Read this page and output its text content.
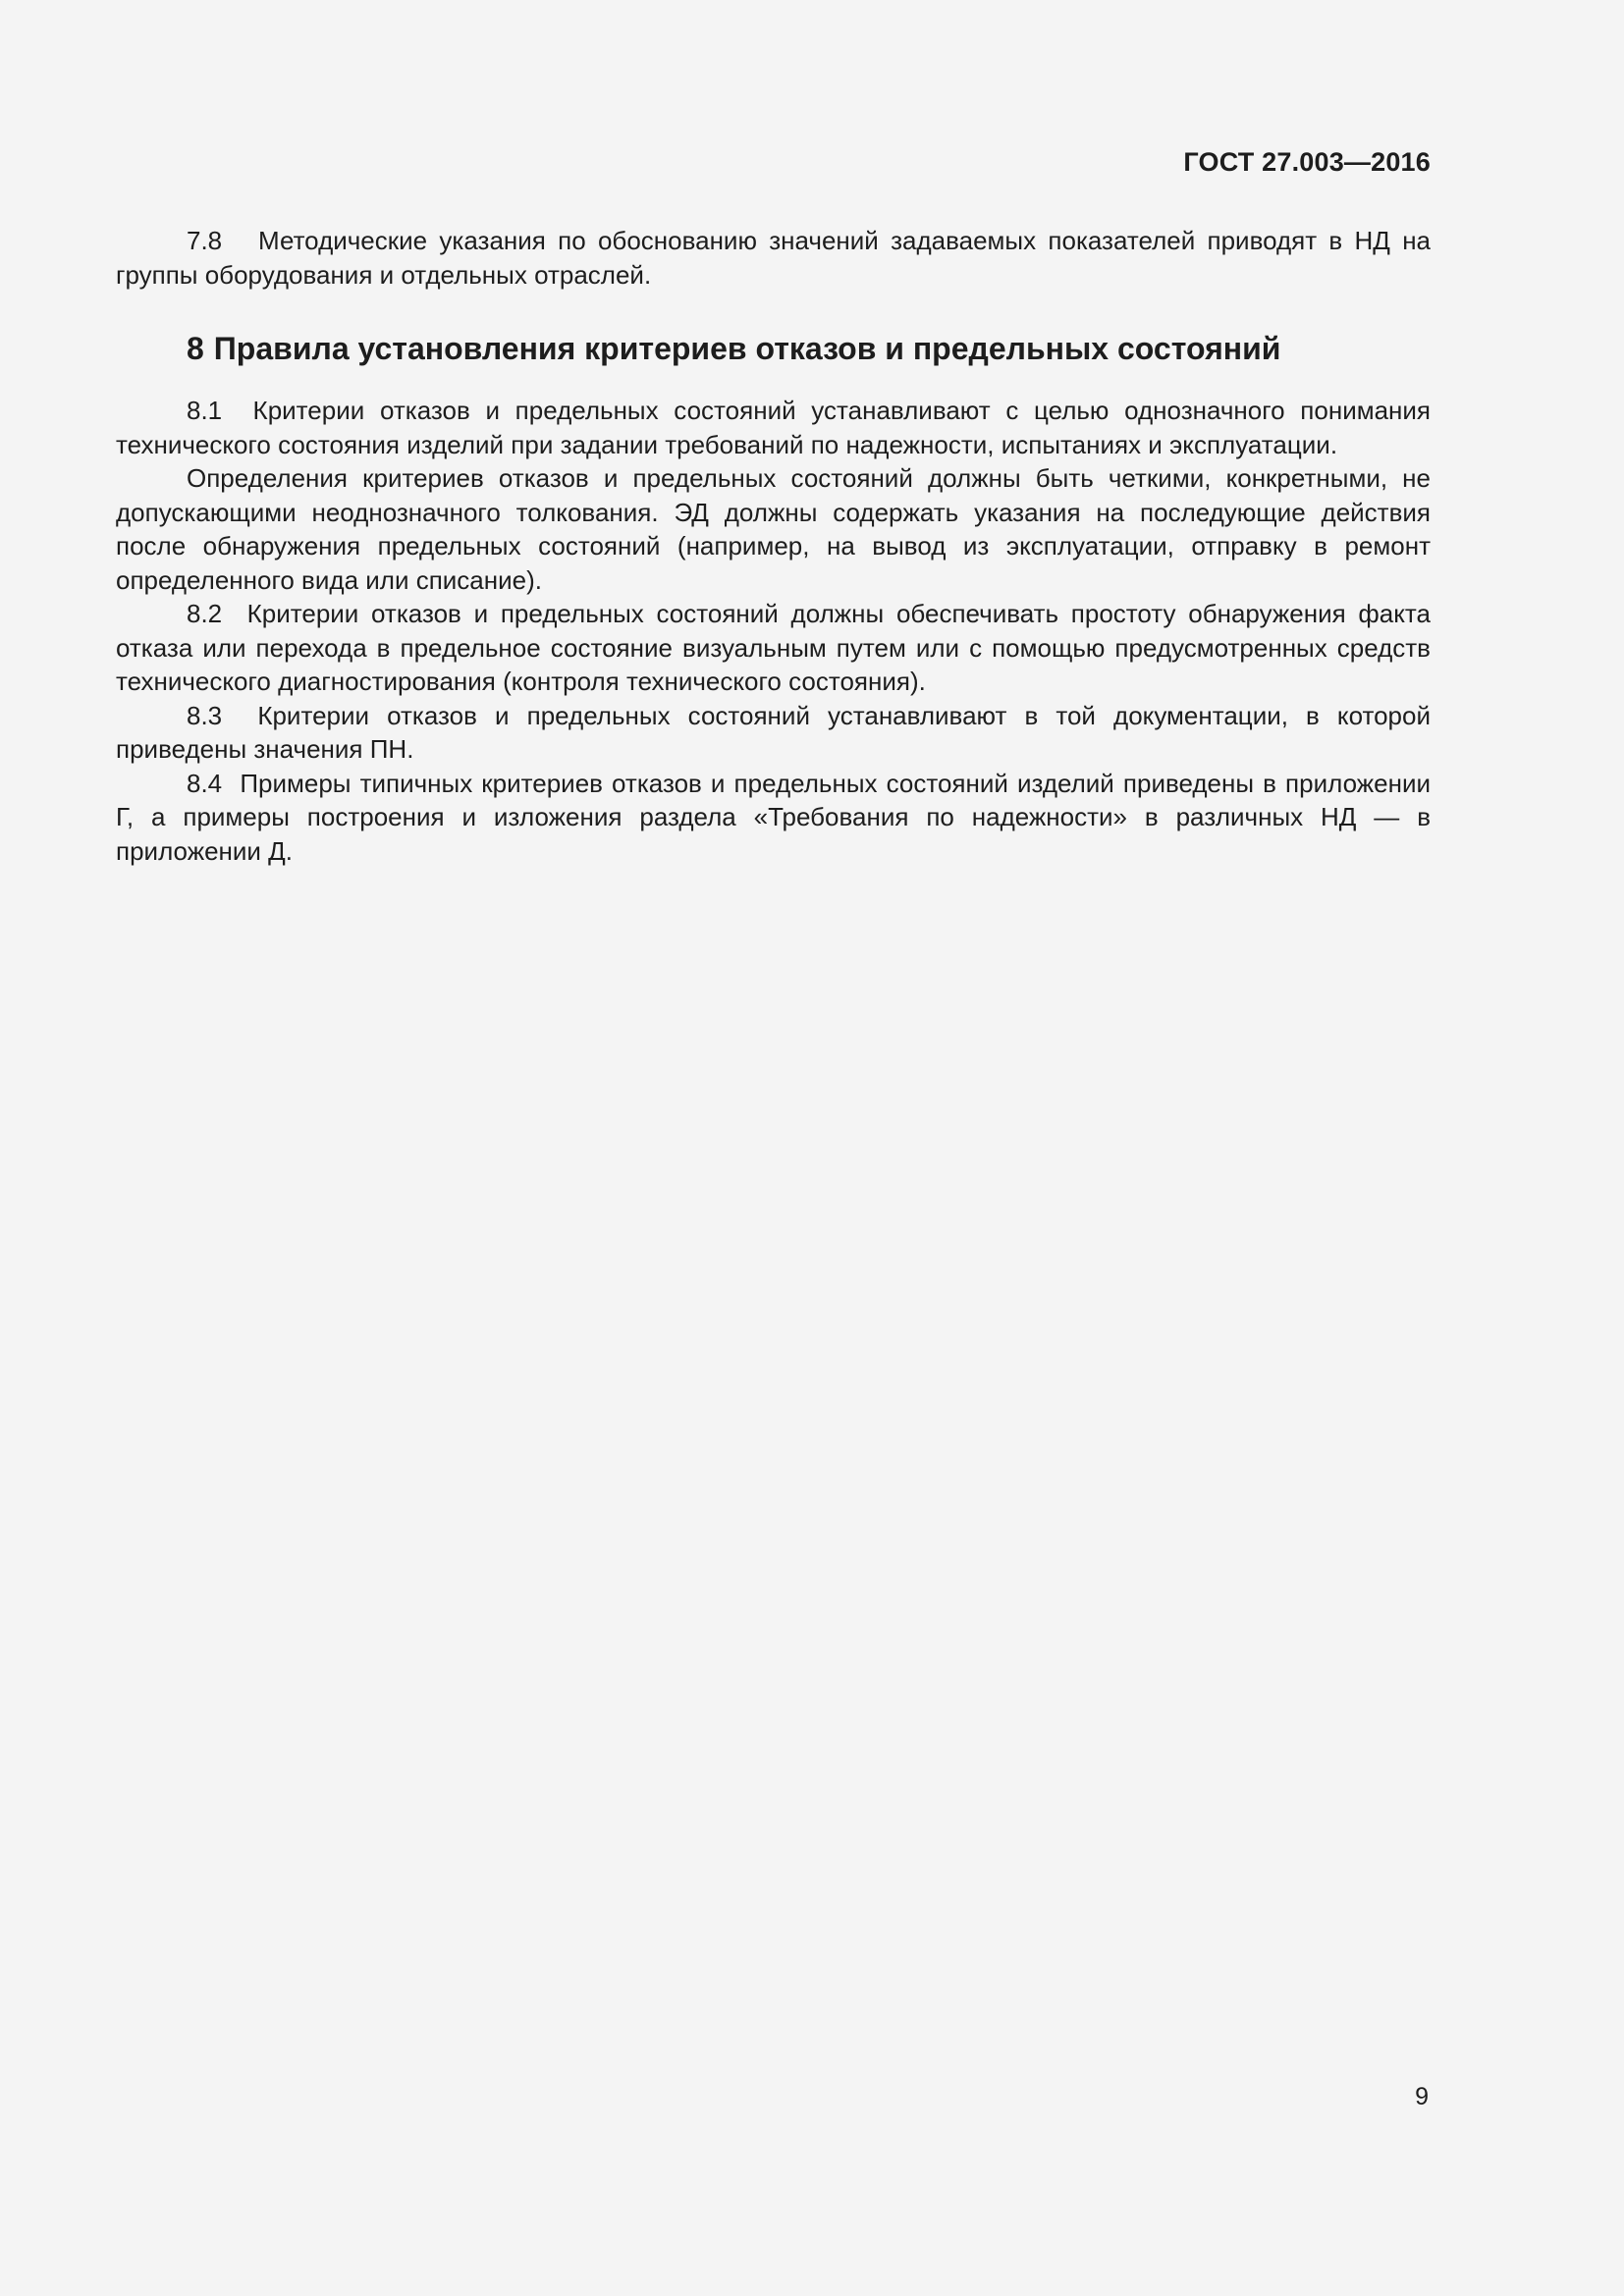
ГОСТ 27.003—2016

7.8 Методические указания по обоснованию значений задаваемых показателей приводят в НД на группы оборудования и отдельных отраслей.

8 Правила установления критериев отказов и предельных состояний

8.1 Критерии отказов и предельных состояний устанавливают с целью однозначного понимания технического состояния изделий при задании требований по надежности, испытаниях и эксплуатации.

Определения критериев отказов и предельных состояний должны быть четкими, конкретными, не допускающими неоднозначного толкования. ЭД должны содержать указания на последующие действия после обнаружения предельных состояний (например, на вывод из эксплуатации, отправку в ремонт определенного вида или списание).

8.2 Критерии отказов и предельных состояний должны обеспечивать простоту обнаружения факта отказа или перехода в предельное состояние визуальным путем или с помощью предусмотренных средств технического диагностирования (контроля технического состояния).

8.3 Критерии отказов и предельных состояний устанавливают в той документации, в которой приведены значения ПН.

8.4 Примеры типичных критериев отказов и предельных состояний изделий приведены в приложении Г, а примеры построения и изложения раздела «Требования по надежности» в различных НД — в приложении Д.

9
